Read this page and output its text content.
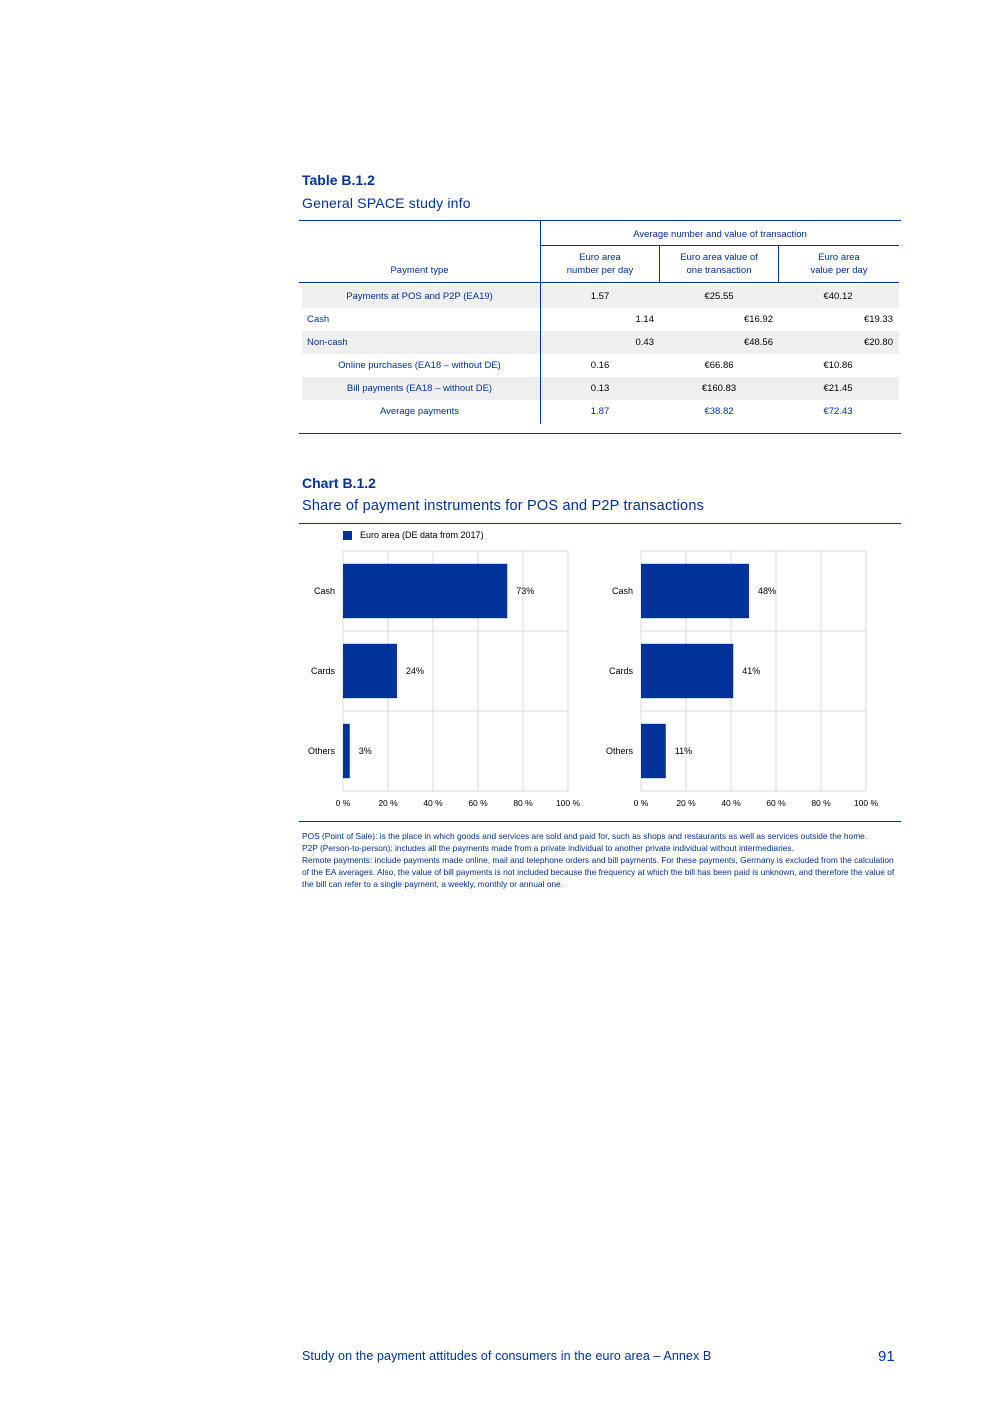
Table B.1.2
General SPACE study info
Average number and value of transaction
Payment type
Euro area
number per day
Euro area value of
one transaction
Euro area
value per day
Payments at POS and P2P (EA19)	1.57	€25.55	€40.12
Cash	1.14	€16.92	€19.33
Non-cash	0.43	€48.56	€20.80
Online purchases (EA18 – without DE)	0.16	€66.86	€10.86
Bill payments (EA18 – without DE)	0.13	€160.83	€21.45
Average payments	1.87	€38.82	€72.43
Chart B.1.2
Share of payment instruments for POS and P2P transactions
Euro area (DE data from 2017)
0 %	20 %	40 %	60 %	80 %	100 %
Cash	73%
Cards	24%
Others	3%
0 %	20 %	40 %	60 %	80 %	100 %
Cash	48%
Cards	41%
Others	11%

POS (Point of Sale): is the place in which goods and services are sold and paid for, such as shops and restaurants as well as services outside the home.

P2P (Person-to-person): includes all the payments made from a private individual to another private individual without intermediaries.

Remote payments: include payments made online, mail and telephone orders and bill payments. For these payments, Germany is excluded from the calculation of the EA averages. Also, the value of bill payments is not included because the frequency at which the bill has been paid is unknown, and therefore the value of the bill can refer to a single payment, a weekly, monthly or annual one.

Study on the payment attitudes of consumers in the euro area – Annex B	91
